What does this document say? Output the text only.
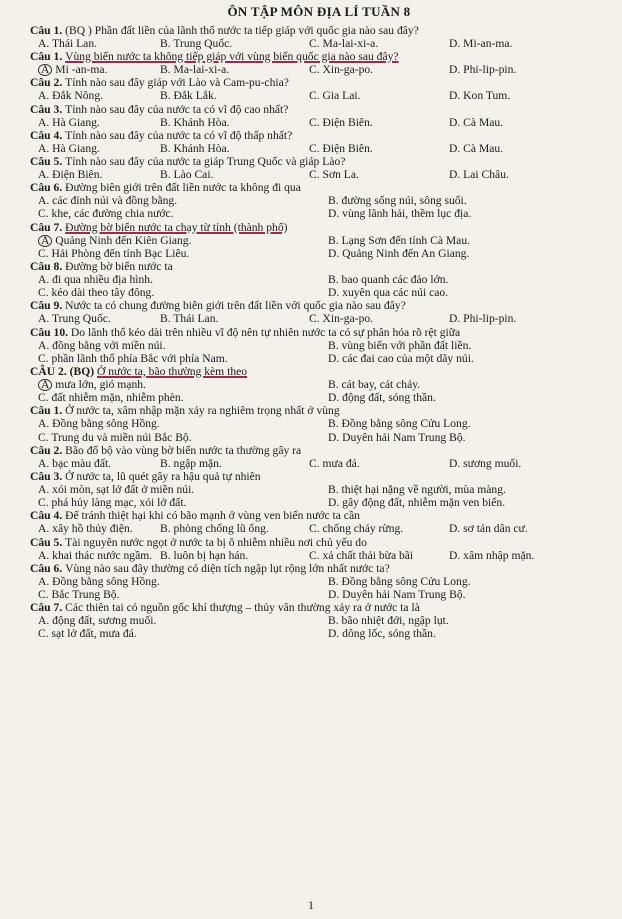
ÔN TẬP MÔN ĐỊA LÍ TUẦN 8
Câu 1. (BQ ) Phần đất liền của lãnh thổ nước ta tiếp giáp với quốc gia nào sau đây?
A. Thái Lan.	B. Trung Quốc.	C. Ma-lai-xi-a.	D. Mi-an-ma.
Câu 1. Vùng biển nước ta không tiếp giáp với vùng biển quốc gia nào sau đây?
A Mi -an-ma.	B. Ma-lai-xi-a.	C. Xin-ga-po.	D. Phi-lip-pin.
Câu 2. Tỉnh nào sau đây giáp với Lào và Cam-pu-chia?
A. Đắk Nông.	B. Đắk Lắk.	C. Gia Lai.	D. Kon Tum.
Câu 3. Tỉnh nào sau đây của nước ta có vĩ độ cao nhất?
A. Hà Giang.	B. Khánh Hòa.	C. Điện Biên.	D. Cà Mau.
Câu 4. Tỉnh nào sau đây của nước ta có vĩ độ thấp nhất?
A. Hà Giang.	B. Khánh Hòa.	C. Điện Biên.	D. Cà Mau.
Câu 5. Tỉnh nào sau đây của nước ta giáp Trung Quốc và giáp Lào?
A. Điện Biên.	B. Lào Cai.	C. Sơn La.	D. Lai Châu.
Câu 6. Đường biên giới trên đất liền nước ta không đi qua
A. các đỉnh núi và đồng bằng.	B. đường sống núi, sông suối.
C. khe, các đường chia nước.	D. vùng lãnh hải, thềm lục địa.
Câu 7. Đường bờ biển nước ta chạy từ tỉnh (thành phố)
A Quảng Ninh đến Kiên Giang.	B. Lạng Sơn đến tỉnh Cà Mau.
C. Hải Phòng đến tỉnh Bạc Liêu.	D. Quảng Ninh đến An Giang.
Câu 8. Đường bờ biển nước ta
A. đi qua nhiều địa hình.	B. bao quanh các đảo lớn.
C. kéo dài theo tây đông.	D. xuyên qua các núi cao.
Câu 9. Nước ta có chung đường biên giới trên đất liền với quốc gia nào sau đây?
A. Trung Quốc.	B. Thái Lan.	C. Xin-ga-po.	D. Phi-lip-pin.
Câu 10. Do lãnh thổ kéo dài trên nhiều vĩ độ nên tự nhiên nước ta có sự phân hóa rõ rệt giữa
A. đồng bằng với miền núi.	B. vùng biển với phần đất liền.
C. phần lãnh thổ phía Bắc với phía Nam.	D. các đai cao của một dãy núi.
CÂU 2. (BQ) Ở nước ta, bão thường kèm theo
A mưa lớn, gió mạnh.	B. cát bay, cát chảy.
C. đất nhiễm mặn, nhiễm phèn.	D. động đất, sóng thần.
Câu 1. Ở nước ta, xâm nhập mặn xảy ra nghiêm trọng nhất ở vùng
A. Đồng bằng sông Hồng.	B. Đồng bằng sông Cửu Long.
C. Trung du và miền núi Bắc Bộ.	D. Duyên hải Nam Trung Bộ.
Câu 2. Bão đổ bộ vào vùng bờ biển nước ta thường gây ra
A. bạc màu đất.	B. ngập mặn.	C. mưa đá.	D. sương muối.
Câu 3. Ở nước ta, lũ quét gây ra hậu quả tự nhiên
A. xói mòn, sạt lở đất ở miền núi.	B. thiệt hại nặng về người, mùa màng.
C. phá hủy làng mạc, xói lở đất.	D. gây động đất, nhiễm mặn ven biển.
Câu 4. Để tránh thiệt hại khi có bão mạnh ở vùng ven biển nước ta cần
A. xây hồ thủy điện.	B. phòng chống lũ ống.	C. chống cháy rừng.	D. sơ tán dân cư.
Câu 5. Tài nguyên nước ngọt ở nước ta bị ô nhiễm nhiều nơi chủ yếu do
A. khai thác nước ngầm. B. luôn bị hạn hán.	C. xả chất thải bừa bãi	D. xâm nhập mặn.
Câu 6. Vùng nào sau đây thường có diện tích ngập lụt rộng lớn nhất nước ta?
A. Đồng bằng sông Hồng.	B. Đồng bằng sông Cửu Long.
C. Bắc Trung Bộ.	D. Duyên hải Nam Trung Bộ.
Câu 7. Các thiên tai có nguồn gốc khí thượng – thủy văn thường xảy ra ở nước ta là
A. động đất, sương muối.	B. bão nhiệt đới, ngập lụt.
C. sạt lở đất, mưa đá.	D. dông lốc, sóng thần.
1
